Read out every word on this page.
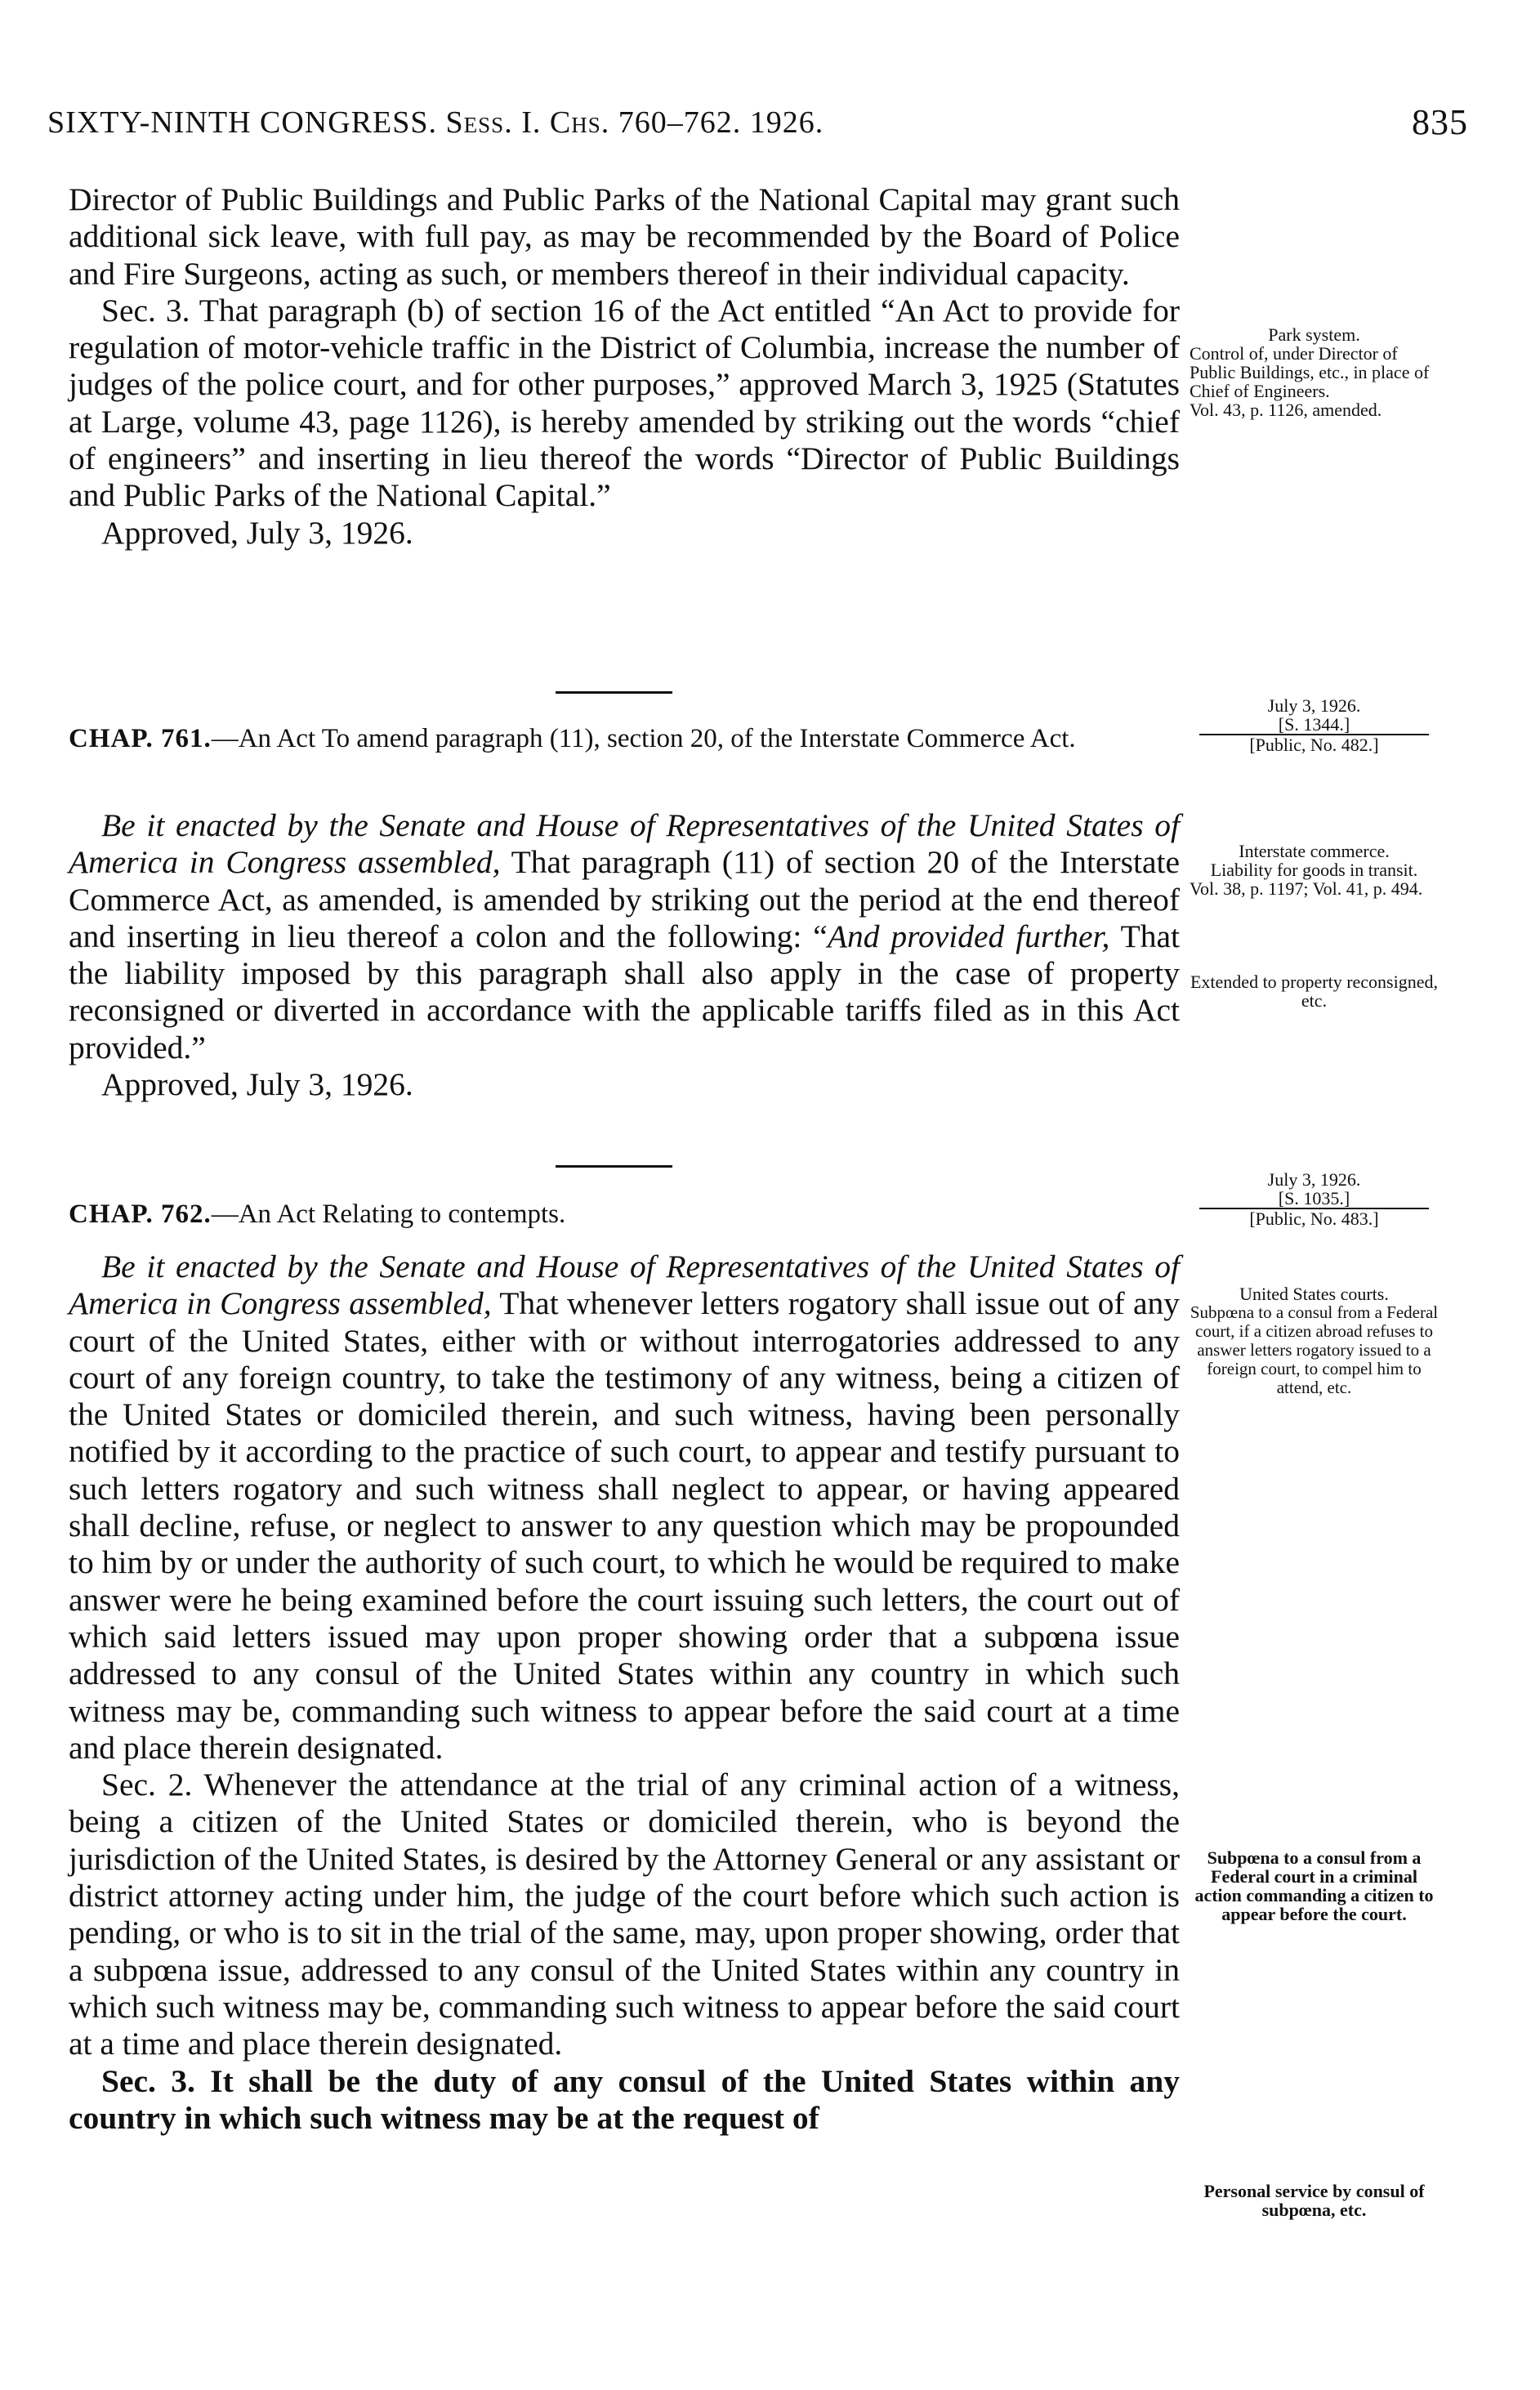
SIXTY-NINTH CONGRESS. Sess. I. Chs. 760–762. 1926.	835

Director of Public Buildings and Public Parks of the National Capital may grant such additional sick leave, with full pay, as may be recommended by the Board of Police and Fire Surgeons, acting as such, or members thereof in their individual capacity.

Sec. 3. That paragraph (b) of section 16 of the Act entitled “An Act to provide for regulation of motor-vehicle traffic in the District of Columbia, increase the number of judges of the police court, and for other purposes,” approved March 3, 1925 (Statutes at Large, volume 43, page 1126), is hereby amended by striking out the words “chief of engineers” and inserting in lieu thereof the words “Director of Public Buildings and Public Parks of the National Capital.”

Approved, July 3, 1926.

Park system.

Control of, under Director of Public Buildings, etc., in place of Chief of Engineers.

Vol. 43, p. 1126, amended.

July 3, 1926.

[S. 1344.]

[Public, No. 482.]

CHAP. 761.—An Act To amend paragraph (11), section 20, of the Interstate Commerce Act.

Be it enacted by the Senate and House of Representatives of the United States of America in Congress assembled, That paragraph (11) of section 20 of the Interstate Commerce Act, as amended, is amended by striking out the period at the end thereof and inserting in lieu thereof a colon and the following: “And provided further, That the liability imposed by this paragraph shall also apply in the case of property reconsigned or diverted in accordance with the applicable tariffs filed as in this Act provided.”

Approved, July 3, 1926.

Interstate commerce.

Liability for goods in transit.

Vol. 38, p. 1197; Vol. 41, p. 494.

Extended to property reconsigned, etc.

July 3, 1926.

[S. 1035.]

[Public, No. 483.]

CHAP. 762.—An Act Relating to contempts.

Be it enacted by the Senate and House of Representatives of the United States of America in Congress assembled, That whenever letters rogatory shall issue out of any court of the United States, either with or without interrogatories addressed to any court of any foreign country, to take the testimony of any witness, being a citizen of the United States or domiciled therein, and such witness, having been personally notified by it according to the practice of such court, to appear and testify pursuant to such letters rogatory and such witness shall neglect to appear, or having appeared shall decline, refuse, or neglect to answer to any question which may be propounded to him by or under the authority of such court, to which he would be required to make answer were he being examined before the court issuing such letters, the court out of which said letters issued may upon proper showing order that a subpœna issue addressed to any consul of the United States within any country in which such witness may be, commanding such witness to appear before the said court at a time and place therein designated.

Sec. 2. Whenever the attendance at the trial of any criminal action of a witness, being a citizen of the United States or domiciled therein, who is beyond the jurisdiction of the United States, is desired by the Attorney General or any assistant or district attorney acting under him, the judge of the court before which such action is pending, or who is to sit in the trial of the same, may, upon proper showing, order that a subpœna issue, addressed to any consul of the United States within any country in which such witness may be, commanding such witness to appear before the said court at a time and place therein designated.

Sec. 3. It shall be the duty of any consul of the United States within any country in which such witness may be at the request of

United States courts.

Subpœna to a consul from a Federal court, if a citizen abroad refuses to answer letters rogatory issued to a foreign court, to compel him to attend, etc.

Subpœna to a consul from a Federal court in a criminal action commanding a citizen to appear before the court.

Personal service by consul of subpœna, etc.
